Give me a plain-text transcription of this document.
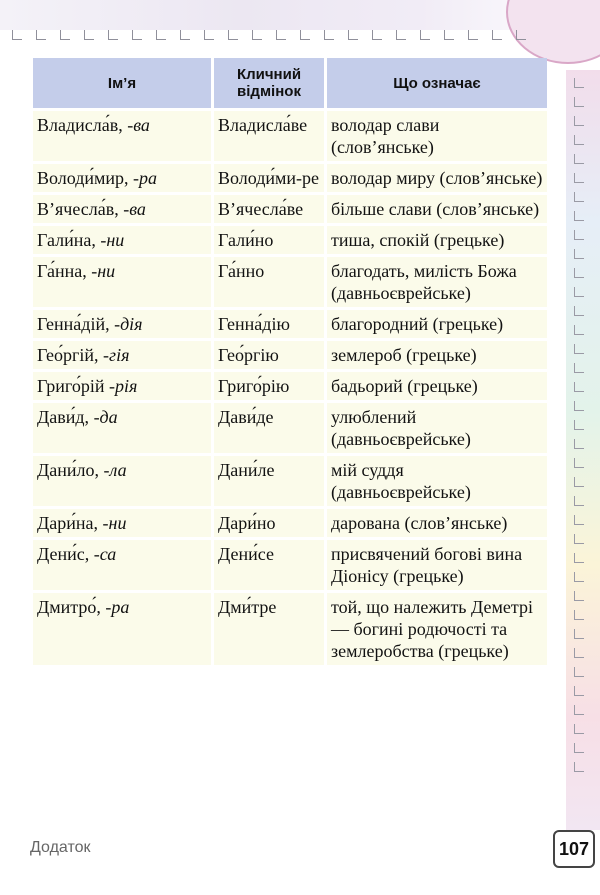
Ім’я	Кличний відмінок	Що означає
Владисла́в, -ва	Владисла́ве	володар слави (слов’янське)
Володи́мир, -ра	Володи́ми-ре	володар миру (слов’янське)
В’ячесла́в, -ва	В’ячесла́ве	більше слави (слов’янське)
Гали́на, -ни	Гали́но	тиша, спокій (грецьке)
Га́нна, -ни	Га́нно	благодать, милість Божа (давньоєврейське)
Генна́дій, -дія	Генна́дію	благородний (грецьке)
Гео́ргій, -гія	Гео́ргію	землероб (грецьке)
Григо́рій -рія	Григо́рію	бадьорий (грецьке)
Дави́д, -да	Дави́де	улюблений (давньоєврейське)
Дани́ло, -ла	Дани́ле	мій суддя (давньоєврейське)
Дари́на, -ни	Дари́но	дарована (слов’янське)
Дени́с, -са	Дени́се	присвячений богові вина Діонісу (грецьке)
Дмитро́, -ра	Дми́тре	той, що належить Деметрі — богині родючості та землеробства (грецьке)
Додаток	107
